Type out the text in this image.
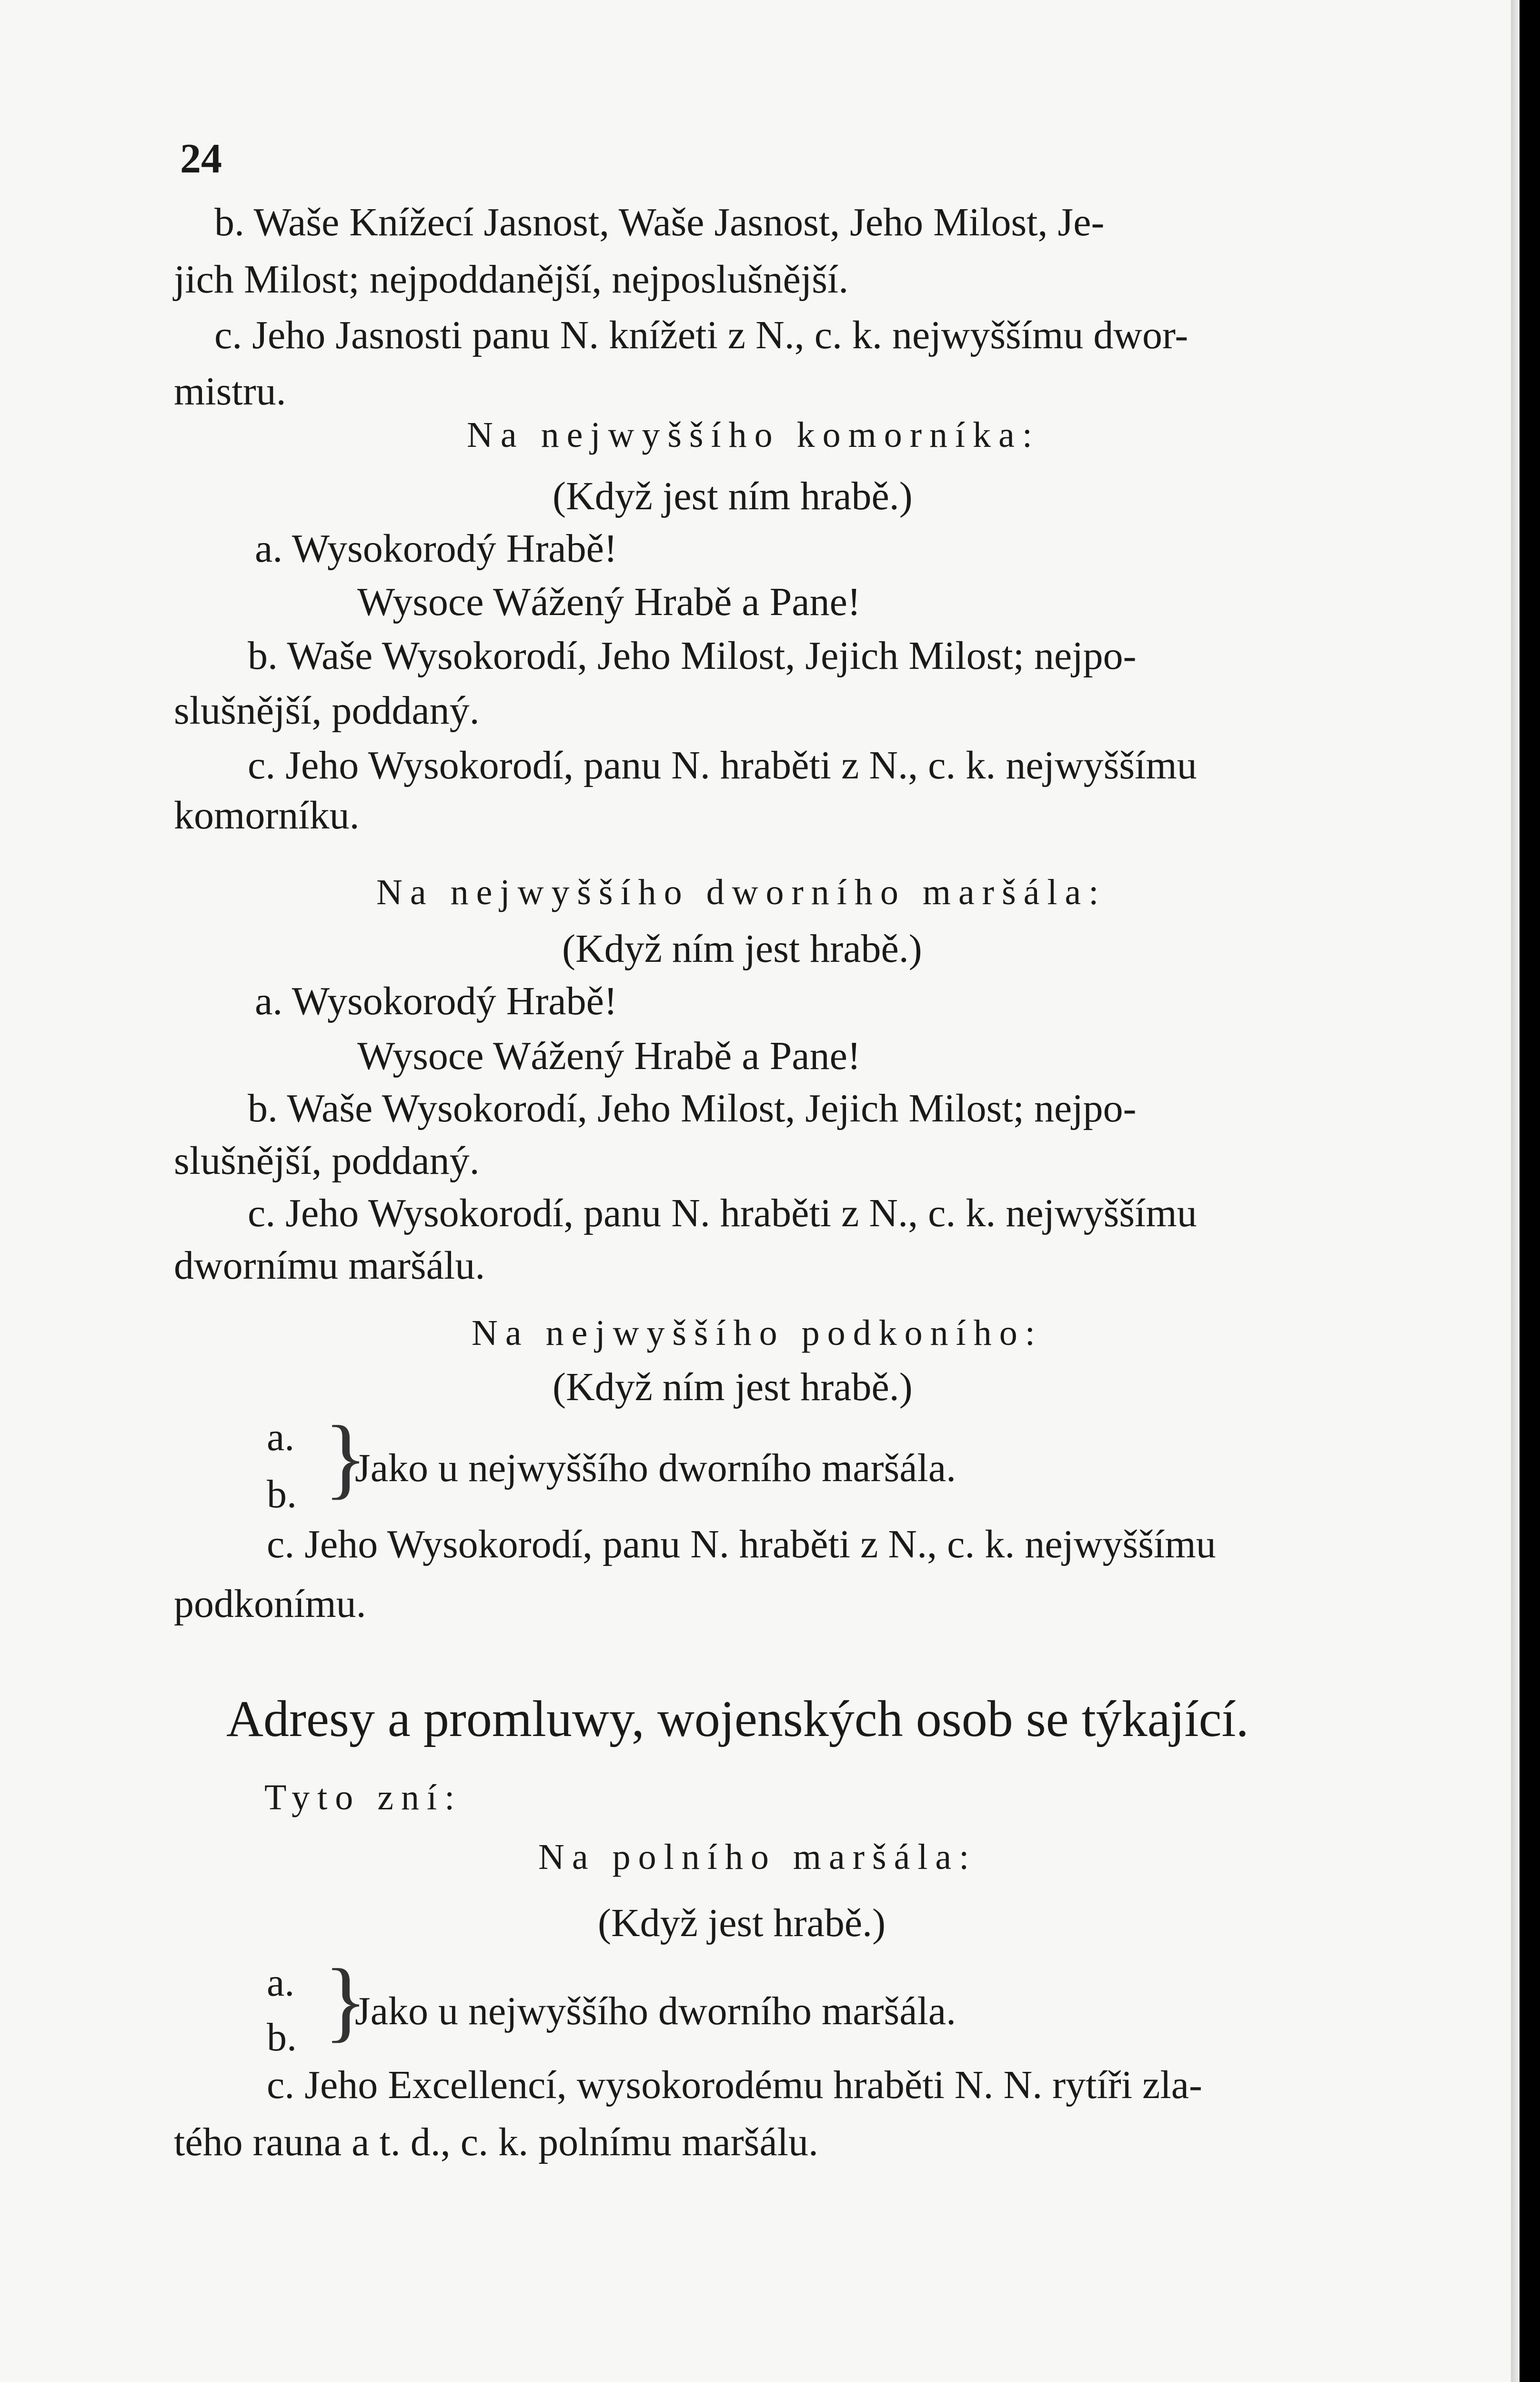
24
b. Waše Knížecí Jasnost, Waše Jasnost, Jeho Milost, Je-
jich Milost; nejpoddanější, nejposlušnější.
c. Jeho Jasnosti panu N. knížeti z N., c. k. nejwyššímu dwor-
mistru.
Na nejwyššího komorníka:
(Když jest ním hrabě.)
a. Wysokorodý Hrabě!
Wysoce Wážený Hrabě a Pane!
b. Waše Wysokorodí, Jeho Milost, Jejich Milost; nejpo-
slušnější, poddaný.
c. Jeho Wysokorodí, panu N. hraběti z N., c. k. nejwyššímu
komorníku.
Na nejwyššího dworního maršála:
(Když ním jest hrabě.)
a. Wysokorodý Hrabě!
Wysoce Wážený Hrabě a Pane!
b. Waše Wysokorodí, Jeho Milost, Jejich Milost; nejpo-
slušnější, poddaný.
c. Jeho Wysokorodí, panu N. hraběti z N., c. k. nejwyššímu
dwornímu maršálu.
Na nejwyššího podkoního:
(Když ním jest hrabě.)
a.
b. }
Jako u nejwyššího dworního maršála.
c. Jeho Wysokorodí, panu N. hraběti z N., c. k. nejwyššímu
podkonímu.
Adresy a promluwy, wojenských osob se týkající.
Tyto zní:
Na polního maršála:
(Když jest hrabě.)
a.
b. }
Jako u nejwyššího dworního maršála.
c. Jeho Excellencí, wysokorodému hraběti N. N. rytíři zla-
tého rauna a t. d., c. k. polnímu maršálu.
